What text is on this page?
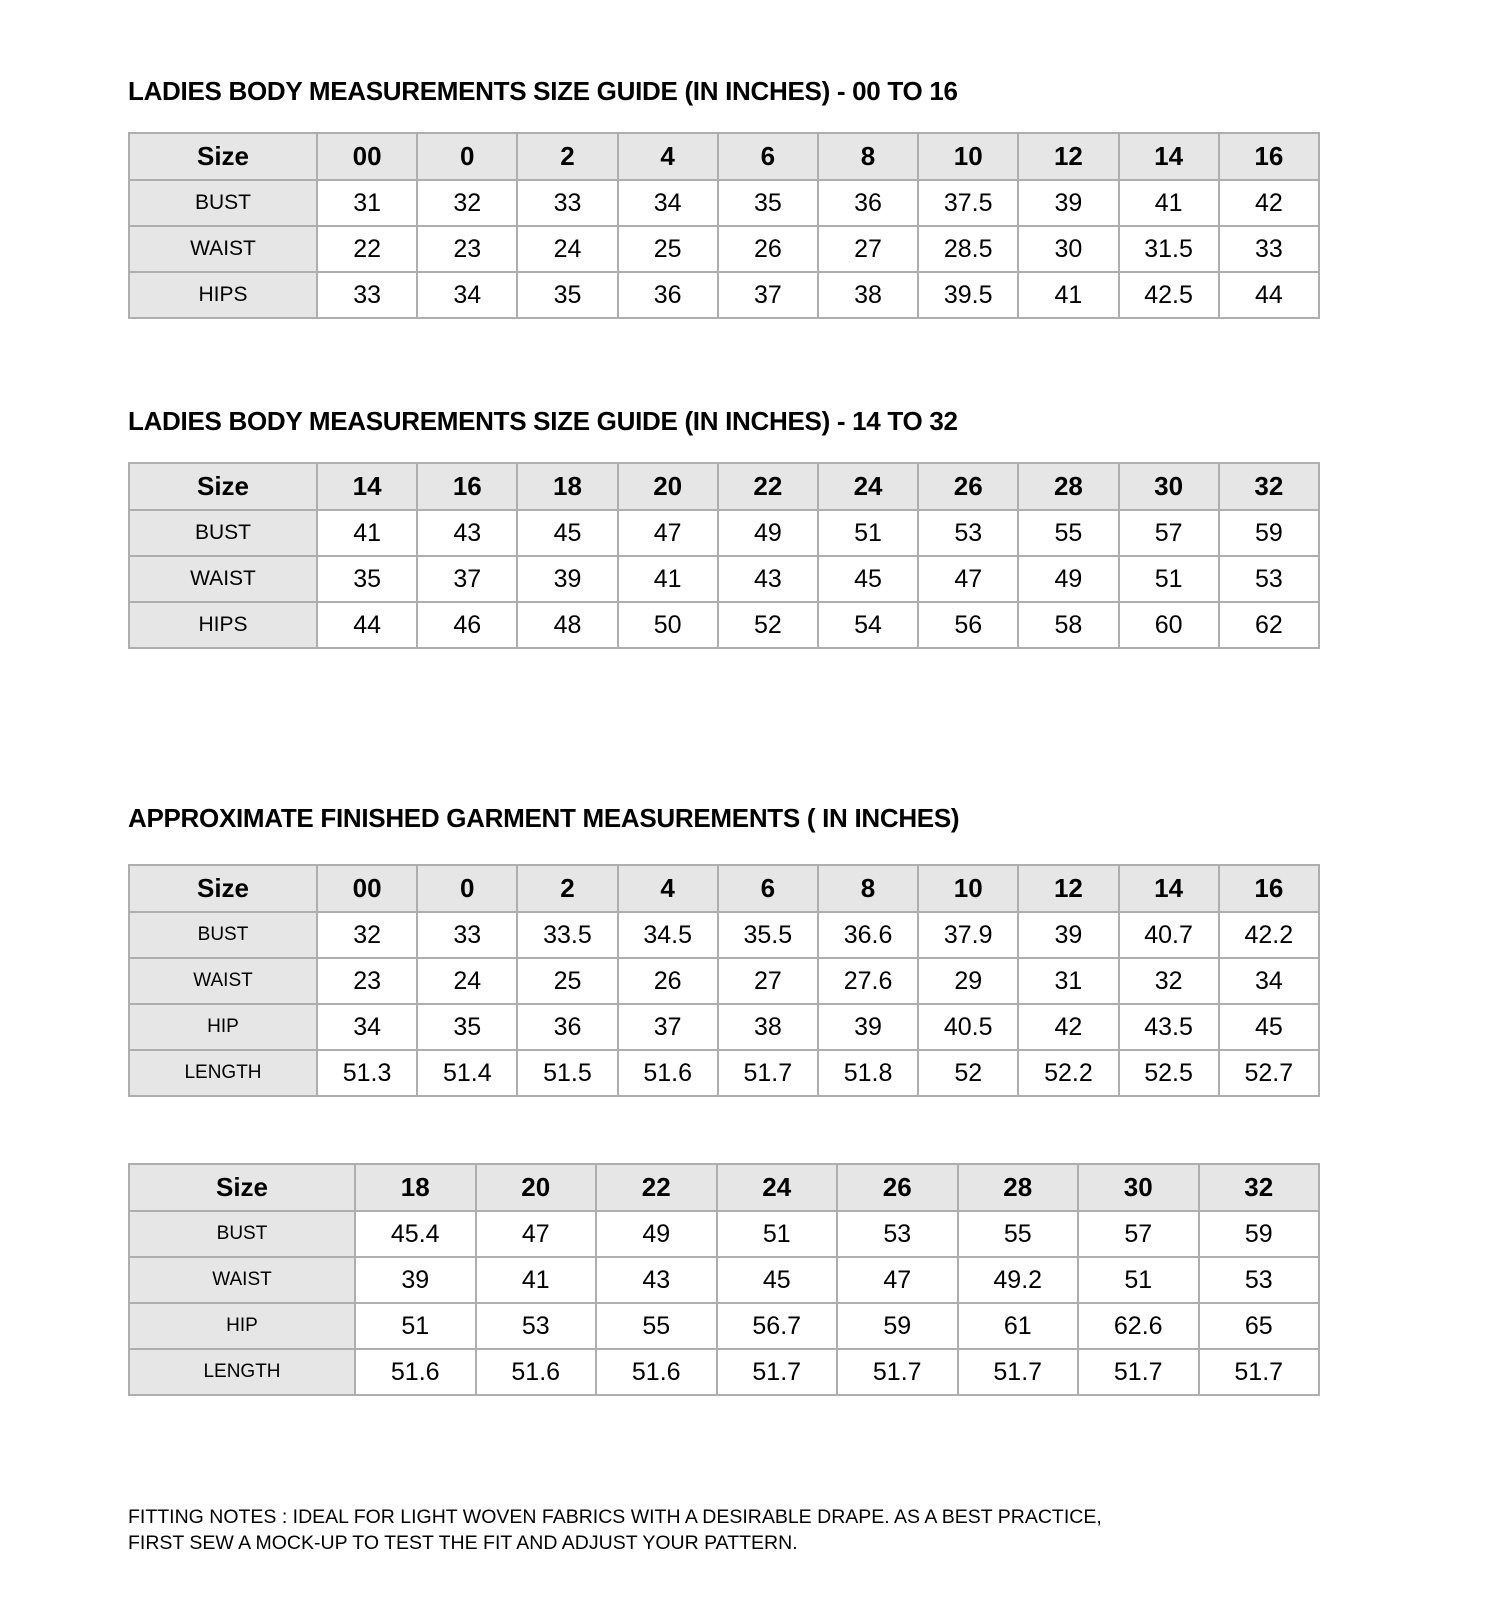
LADIES BODY MEASUREMENTS SIZE GUIDE (IN INCHES) - 00 TO 16
Size	00	0	2	4	6	8	10	12	14	16
BUST	31	32	33	34	35	36	37.5	39	41	42
WAIST	22	23	24	25	26	27	28.5	30	31.5	33
HIPS	33	34	35	36	37	38	39.5	41	42.5	44
LADIES BODY MEASUREMENTS SIZE GUIDE (IN INCHES) - 14 TO 32
Size	14	16	18	20	22	24	26	28	30	32
BUST	41	43	45	47	49	51	53	55	57	59
WAIST	35	37	39	41	43	45	47	49	51	53
HIPS	44	46	48	50	52	54	56	58	60	62
APPROXIMATE FINISHED GARMENT MEASUREMENTS ( IN INCHES)
Size	00	0	2	4	6	8	10	12	14	16
BUST	32	33	33.5	34.5	35.5	36.6	37.9	39	40.7	42.2
WAIST	23	24	25	26	27	27.6	29	31	32	34
HIP	34	35	36	37	38	39	40.5	42	43.5	45
LENGTH	51.3	51.4	51.5	51.6	51.7	51.8	52	52.2	52.5	52.7
Size	18	20	22	24	26	28	30	32
BUST	45.4	47	49	51	53	55	57	59
WAIST	39	41	43	45	47	49.2	51	53
HIP	51	53	55	56.7	59	61	62.6	65
LENGTH	51.6	51.6	51.6	51.7	51.7	51.7	51.7	51.7
FITTING NOTES : IDEAL FOR LIGHT WOVEN FABRICS WITH A DESIRABLE DRAPE. AS A BEST PRACTICE,
FIRST SEW A MOCK-UP TO TEST THE FIT AND ADJUST YOUR PATTERN.
